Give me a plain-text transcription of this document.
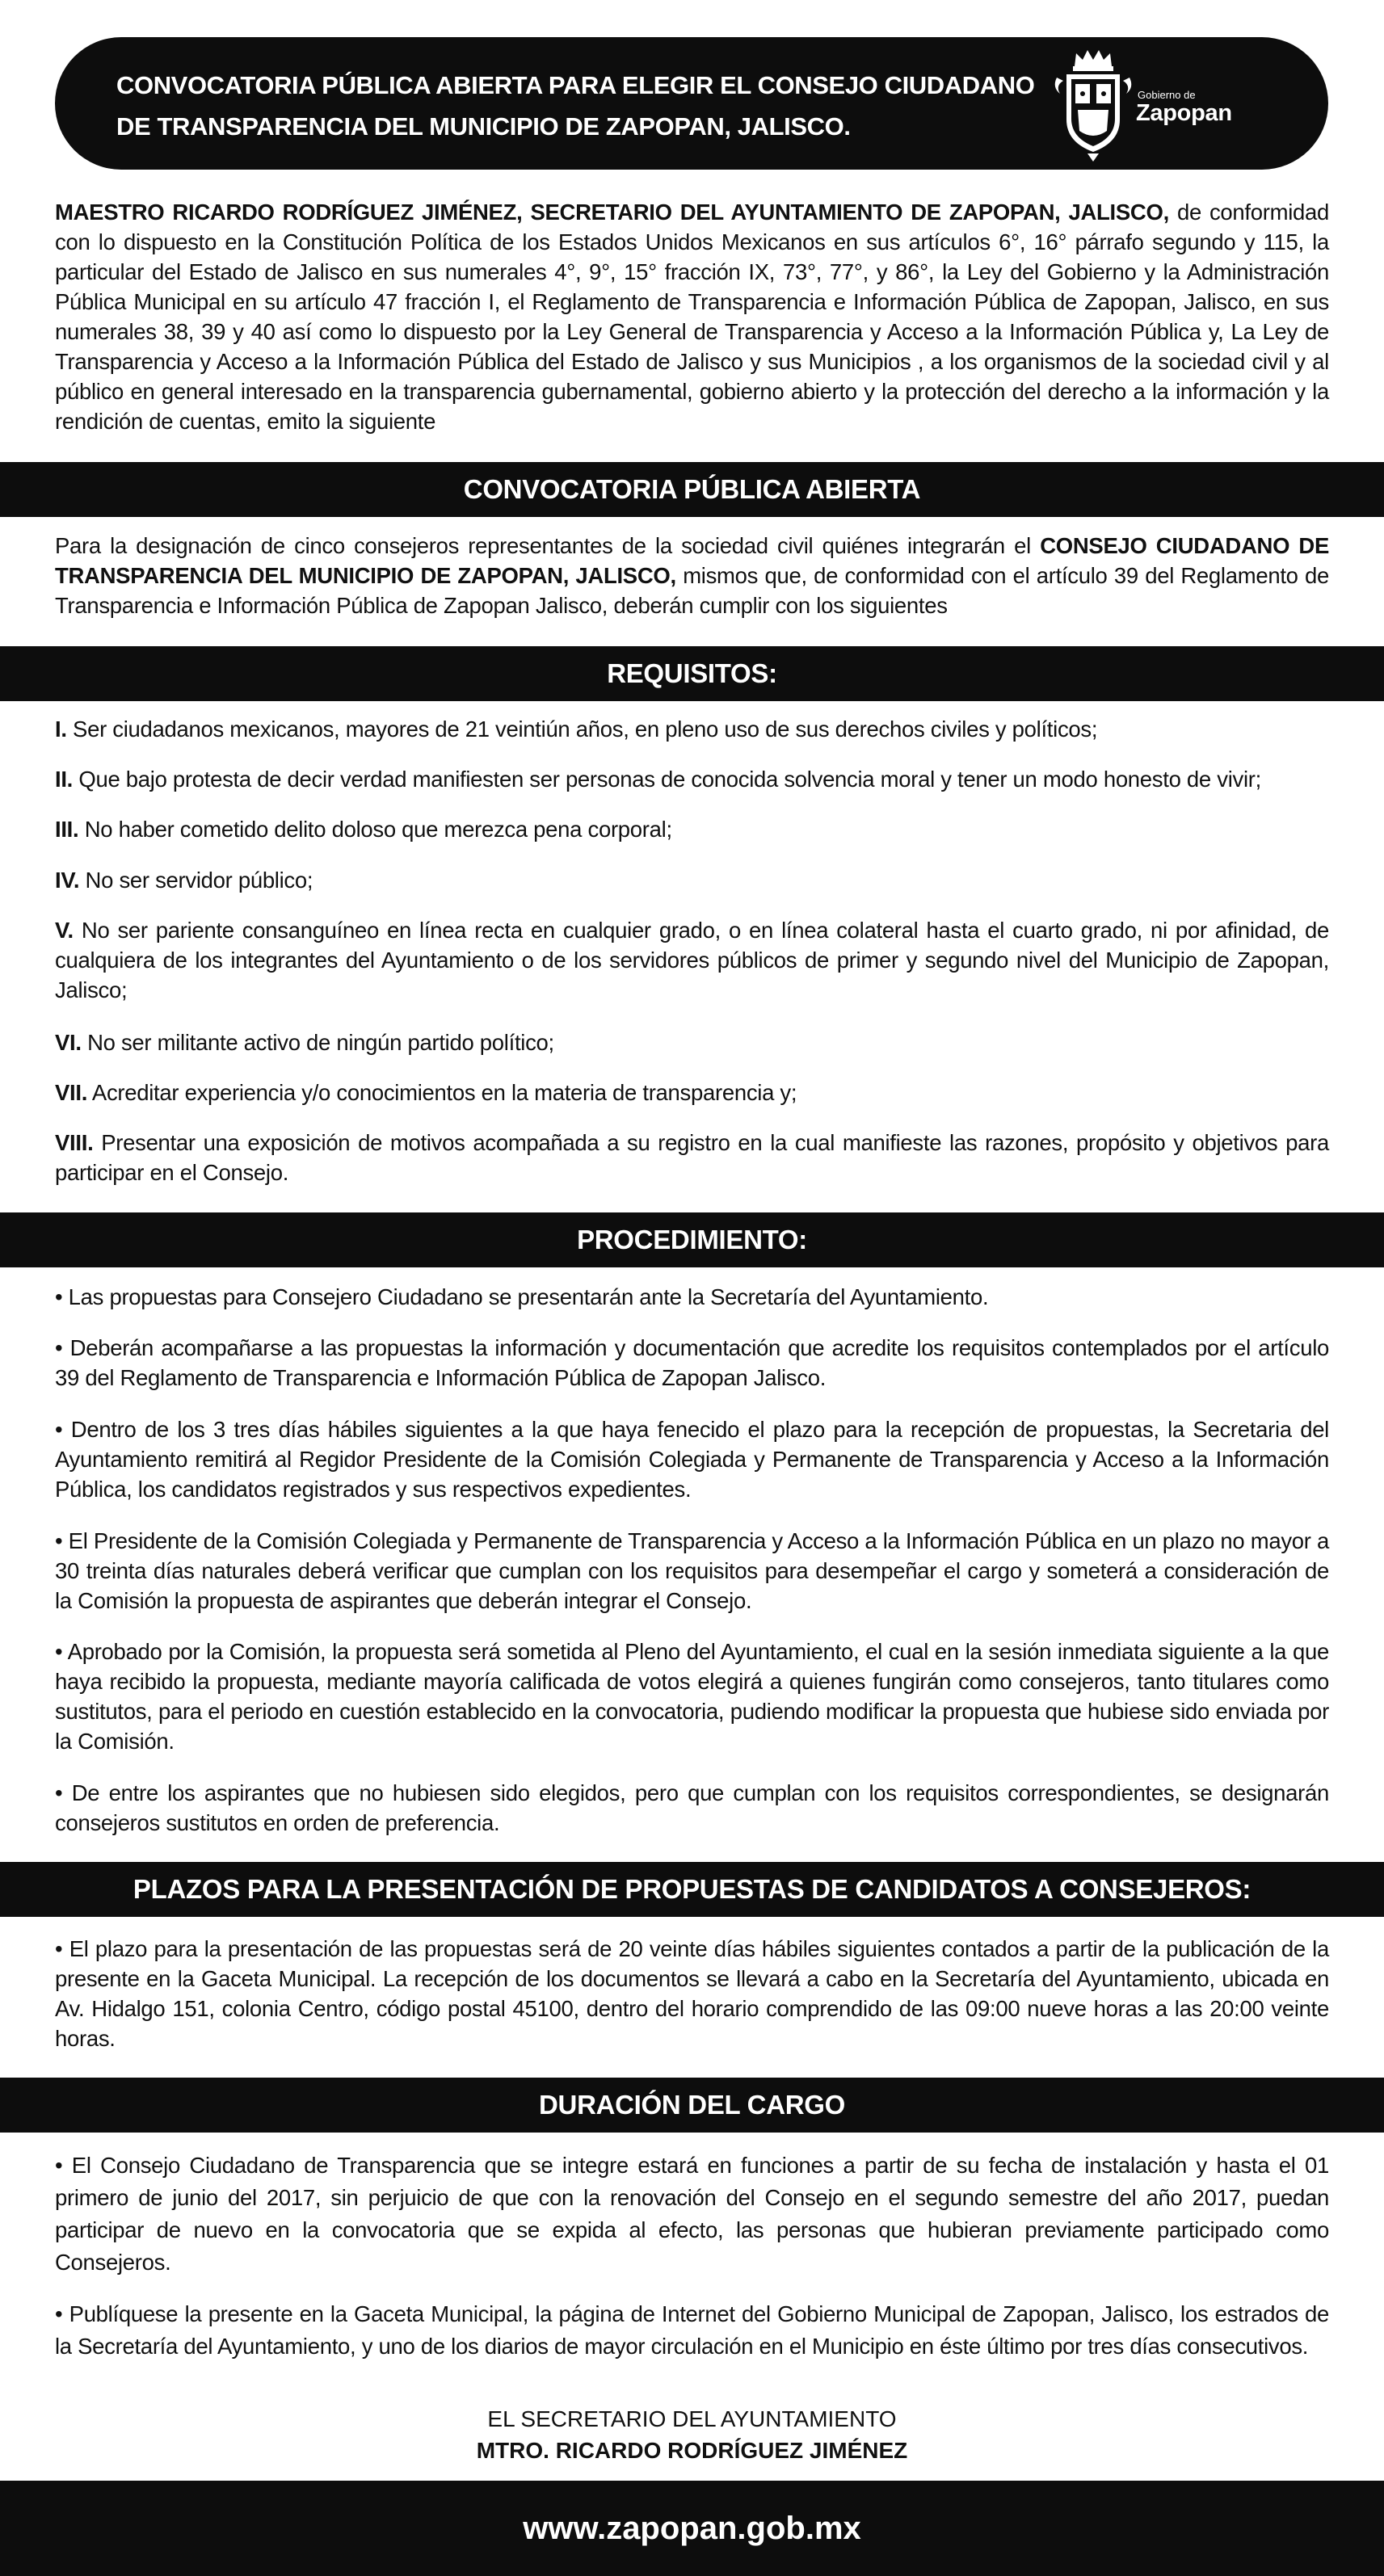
CONVOCATORIA PÚBLICA ABIERTA PARA ELEGIR EL CONSEJO CIUDADANO
DE TRANSPARENCIA DEL MUNICIPIO DE ZAPOPAN, JALISCO.
Gobierno de
Zapopan

MAESTRO RICARDO RODRÍGUEZ JIMÉNEZ, SECRETARIO DEL AYUNTAMIENTO DE ZAPOPAN, JALISCO, de conformidad con lo dispuesto en la Constitución Política de los Estados Unidos Mexicanos en sus artículos 6°, 16° párrafo segundo y 115, la particular del Estado de Jalisco en sus numerales 4°, 9°, 15° fracción IX, 73°, 77°, y 86°, la Ley del Gobierno y la Administración Pública Municipal en su artículo 47 fracción I, el Reglamento de Transparencia e Información Pública de Zapopan, Jalisco, en sus numerales 38, 39 y 40 así como lo dispuesto por la Ley General de Transparencia y Acceso a la Información Pública y, La Ley de Transparencia y Acceso a la Información Pública del Estado de Jalisco y sus Municipios , a los organismos de la sociedad civil y al público en general interesado en la transparencia gubernamental, gobierno abierto y la protección del derecho a la información y la rendición de cuentas, emito la siguiente

CONVOCATORIA PÚBLICA ABIERTA

Para la designación de cinco consejeros representantes de la sociedad civil quiénes integrarán el CONSEJO CIUDADANO DE TRANSPARENCIA DEL MUNICIPIO DE ZAPOPAN, JALISCO, mismos que, de conformidad con el artículo 39 del Reglamento de Transparencia e Información Pública de Zapopan Jalisco, deberán cumplir con los siguientes

REQUISITOS:

I. Ser ciudadanos mexicanos, mayores de 21 veintiún años, en pleno uso de sus derechos civiles y políticos;

II. Que bajo protesta de decir verdad manifiesten ser personas de conocida solvencia moral y tener un modo honesto de vivir;

III. No haber cometido delito doloso que merezca pena corporal;

IV. No ser servidor público;

V. No ser pariente consanguíneo en línea recta en cualquier grado, o en línea colateral hasta el cuarto grado, ni por afinidad, de cualquiera de los integrantes del Ayuntamiento o de los servidores públicos de primer y segundo nivel del Municipio de Zapopan, Jalisco;

VI. No ser militante activo de ningún partido político;

VII. Acreditar experiencia y/o conocimientos en la materia de transparencia y;

VIII. Presentar una exposición de motivos acompañada a su registro en la cual manifieste las razones, propósito y objetivos para participar en el Consejo.

PROCEDIMIENTO:

• Las propuestas para Consejero Ciudadano se presentarán ante la Secretaría del Ayuntamiento.

• Deberán acompañarse a las propuestas la información y documentación que acredite los requisitos contemplados por el artículo 39 del Reglamento de Transparencia e Información Pública de Zapopan Jalisco.

• Dentro de los 3 tres días hábiles siguientes a la que haya fenecido el plazo para la recepción de propuestas, la Secretaria del Ayuntamiento remitirá al Regidor Presidente de la Comisión Colegiada y Permanente de Transparencia y Acceso a la Información Pública, los candidatos registrados y sus respectivos expedientes.

• El Presidente de la Comisión Colegiada y Permanente de Transparencia y Acceso a la Información Pública en un plazo no mayor a 30 treinta días naturales deberá verificar que cumplan con los requisitos para desempeñar el cargo y someterá a consideración de la Comisión la propuesta de aspirantes que deberán integrar el Consejo.

• Aprobado por la Comisión, la propuesta será sometida al Pleno del Ayuntamiento, el cual en la sesión inmediata siguiente a la que haya recibido la propuesta, mediante mayoría calificada de votos elegirá a quienes fungirán como consejeros, tanto titulares como sustitutos, para el periodo en cuestión establecido en la convocatoria, pudiendo modificar la propuesta que hubiese sido enviada por la Comisión.

• De entre los aspirantes que no hubiesen sido elegidos, pero que cumplan con los requisitos correspondientes, se designarán consejeros sustitutos en orden de preferencia.

PLAZOS PARA LA PRESENTACIÓN DE PROPUESTAS DE CANDIDATOS A CONSEJEROS:

• El plazo para la presentación de las propuestas será de 20 veinte días hábiles siguientes contados a partir de la publicación de la presente en la Gaceta Municipal. La recepción de los documentos se llevará a cabo en la Secretaría del Ayuntamiento, ubicada en Av. Hidalgo 151, colonia Centro, código postal 45100, dentro del horario comprendido de las 09:00 nueve horas a las 20:00 veinte horas.

DURACIÓN DEL CARGO

• El Consejo Ciudadano de Transparencia que se integre estará en funciones a partir de su fecha de instalación y hasta el 01 primero de junio del 2017, sin perjuicio de que con la renovación del Consejo en el segundo semestre del año 2017, puedan participar de nuevo en la convocatoria que se expida al efecto, las personas que hubieran previamente participado como Consejeros.

• Publíquese la presente en la Gaceta Municipal, la página de Internet del Gobierno Municipal de Zapopan, Jalisco, los estrados de la Secretaría del Ayuntamiento, y uno de los diarios de mayor circulación en el Municipio en éste último por tres días consecutivos.

EL SECRETARIO DEL AYUNTAMIENTO
MTRO. RICARDO RODRÍGUEZ JIMÉNEZ
www.zapopan.gob.mx
